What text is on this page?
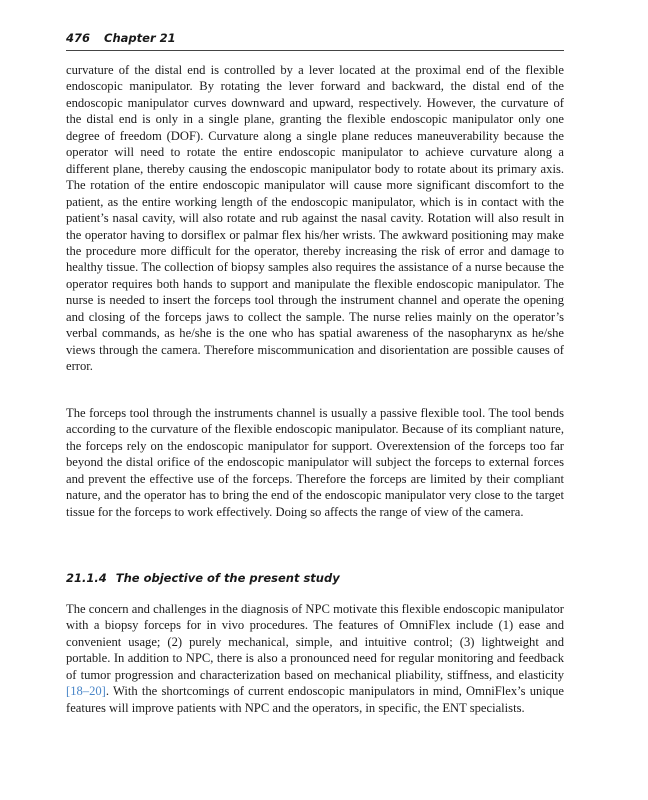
476 Chapter 21

curvature of the distal end is controlled by a lever located at the proximal end of the flexible endoscopic manipulator. By rotating the lever forward and backward, the distal end of the endoscopic manipulator curves downward and upward, respectively. However, the curvature of the distal end is only in a single plane, granting the flexible endoscopic manipulator only one degree of freedom (DOF). Curvature along a single plane reduces maneuverability because the operator will need to rotate the entire endoscopic manipulator to achieve curvature along a different plane, thereby causing the endoscopic manipulator body to rotate about its primary axis. The rotation of the entire endoscopic manipulator will cause more significant discomfort to the patient, as the entire working length of the endoscopic manipulator, which is in contact with the patient’s nasal cavity, will also rotate and rub against the nasal cavity. Rotation will also result in the operator having to dorsiflex or palmar flex his/her wrists. The awkward positioning may make the procedure more difficult for the operator, thereby increasing the risk of error and damage to healthy tissue. The collection of biopsy samples also requires the assistance of a nurse because the operator requires both hands to support and manipulate the flexible endoscopic manipulator. The nurse is needed to insert the forceps tool through the instrument channel and operate the opening and closing of the forceps jaws to collect the sample. The nurse relies mainly on the operator’s verbal commands, as he/she is the one who has spatial awareness of the nasopharynx as he/she views through the camera. Therefore miscommunication and disorientation are possible causes of error.

The forceps tool through the instruments channel is usually a passive flexible tool. The tool bends according to the curvature of the flexible endoscopic manipulator. Because of its compliant nature, the forceps rely on the endoscopic manipulator for support. Overextension of the forceps too far beyond the distal orifice of the endoscopic manipulator will subject the forceps to external forces and prevent the effective use of the forceps. Therefore the forceps are limited by their compliant nature, and the operator has to bring the end of the endoscopic manipulator very close to the target tissue for the forceps to work effectively. Doing so affects the range of view of the camera.

21.1.4 The objective of the present study

The concern and challenges in the diagnosis of NPC motivate this flexible endoscopic manipulator with a biopsy forceps for in vivo procedures. The features of OmniFlex include (1) ease and convenient usage; (2) purely mechanical, simple, and intuitive control; (3) lightweight and portable. In addition to NPC, there is also a pronounced need for regular monitoring and feedback of tumor progression and characterization based on mechanical pliability, stiffness, and elasticity [18–20]. With the shortcomings of current endoscopic manipulators in mind, OmniFlex’s unique features will improve patients with NPC and the operators, in specific, the ENT specialists.
